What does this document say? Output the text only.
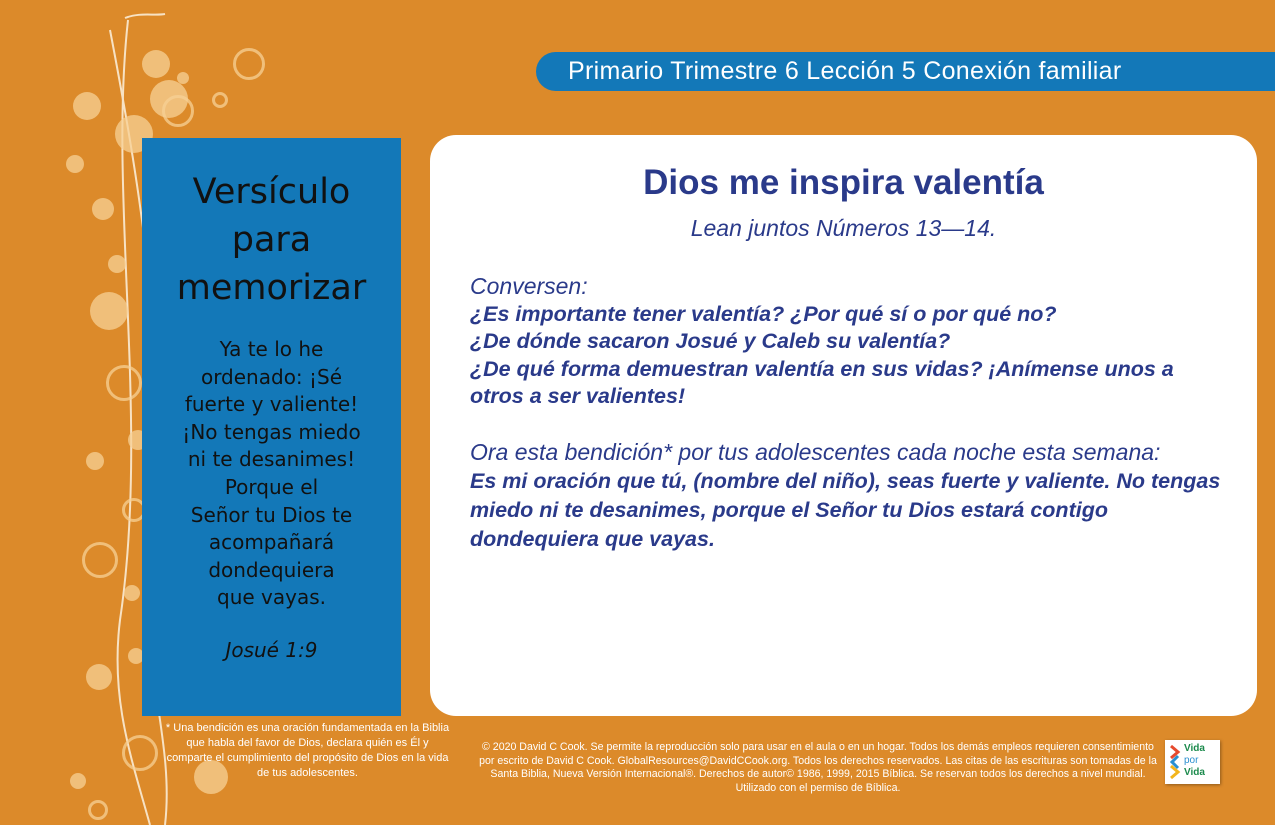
Primario Trimestre 6 Lección 5 Conexión familiar
Versículo
para
memorizar

Ya te lo he
ordenado: ¡Sé
fuerte y valiente!
¡No tengas miedo
ni te desanimes!
Porque el
Señor tu Dios te
acompañará
dondequiera
que vayas.

Josué 1:9
Dios me inspira valentía
Lean juntos Números 13—14.
Conversen:
¿Es importante tener valentía? ¿Por qué sí o por qué no?
¿De dónde sacaron Josué y Caleb su valentía?
¿De qué forma demuestran valentía en sus vidas? ¡Anímense unos a otros a ser valientes!
Ora esta bendición* por tus adolescentes cada noche esta semana:
Es mi oración que tú, (nombre del niño), seas fuerte y valiente. No tengas miedo ni te desanimes, porque el Señor tu Dios estará contigo dondequiera que vayas.
* Una bendición es una oración fundamentada en la Biblia que habla del favor de Dios, declara quién es Él y comparte el cumplimiento del propósito de Dios en la vida de tus adolescentes.
© 2020 David C Cook. Se permite la reproducción solo para usar en el aula o en un hogar. Todos los demás empleos requieren consentimiento por escrito de David C Cook. GlobalResources@DavidCCook.org. Todos los derechos reservados. Las citas de las escrituras son tomadas de la Santa Biblia, Nueva Versión Internacional®. Derechos de autor© 1986, 1999, 2015 Bíblica. Se reservan todos los derechos a nivel mundial. Utilizado con el permiso de Bíblica.
Vida
por
Vida
